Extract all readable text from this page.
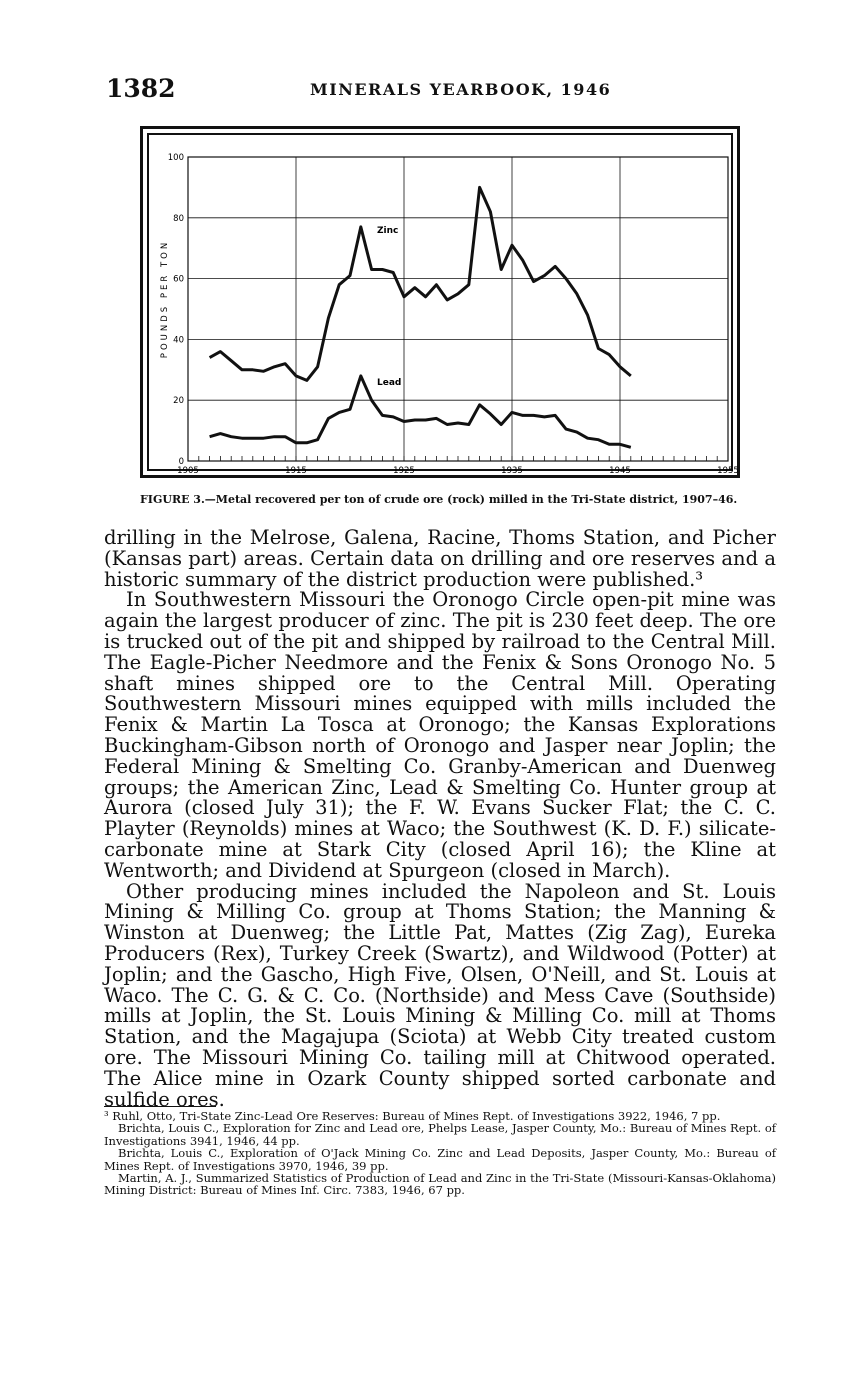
1382	MINERALS YEARBOOK, 1946
1905	1915	1925	1935	1945	1955
0
20
40
60
80
100
POUNDS PER TON
Zinc
Lead
FIGURE 3.—Metal recovered per ton of crude ore (rock) milled in the Tri-State district, 1907–46.

drilling in the Melrose, Galena, Racine, Thoms Station, and Picher (Kansas part) areas. Certain data on drilling and ore reserves and a historic summary of the district production were published.³

In Southwestern Missouri the Oronogo Circle open-pit mine was again the largest producer of zinc. The pit is 230 feet deep. The ore is trucked out of the pit and shipped by railroad to the Central Mill. The Eagle-Picher Needmore and the Fenix & Sons Oronogo No. 5 shaft mines shipped ore to the Central Mill. Operating Southwestern Missouri mines equipped with mills included the Fenix & Martin La Tosca at Oronogo; the Kansas Explorations Buckingham-Gibson north of Oronogo and Jasper near Joplin; the Federal Mining & Smelting Co. Granby-American and Duenweg groups; the American Zinc, Lead & Smelting Co. Hunter group at Aurora (closed July 31); the F. W. Evans Sucker Flat; the C. C. Playter (Reynolds) mines at Waco; the Southwest (K. D. F.) silicate-carbonate mine at Stark City (closed April 16); the Kline at Wentworth; and Dividend at Spurgeon (closed in March).

Other producing mines included the Napoleon and St. Louis Mining & Milling Co. group at Thoms Station; the Manning & Winston at Duenweg; the Little Pat, Mattes (Zig Zag), Eureka Producers (Rex), Turkey Creek (Swartz), and Wildwood (Potter) at Joplin; and the Gascho, High Five, Olsen, O'Neill, and St. Louis at Waco. The C. G. & C. Co. (Northside) and Mess Cave (Southside) mills at Joplin, the St. Louis Mining & Milling Co. mill at Thoms Station, and the Magajupa (Sciota) at Webb City treated custom ore. The Missouri Mining Co. tailing mill at Chitwood operated. The Alice mine in Ozark County shipped sorted carbonate and sulfide ores.

³ Ruhl, Otto, Tri-State Zinc-Lead Ore Reserves: Bureau of Mines Rept. of Investigations 3922, 1946, 7 pp.

Brichta, Louis C., Exploration for Zinc and Lead ore, Phelps Lease, Jasper County, Mo.: Bureau of Mines Rept. of Investigations 3941, 1946, 44 pp.

Brichta, Louis C., Exploration of O'Jack Mining Co. Zinc and Lead Deposits, Jasper County, Mo.: Bureau of Mines Rept. of Investigations 3970, 1946, 39 pp.

Martin, A. J., Summarized Statistics of Production of Lead and Zinc in the Tri-State (Missouri-Kansas-Oklahoma) Mining District: Bureau of Mines Inf. Circ. 7383, 1946, 67 pp.
